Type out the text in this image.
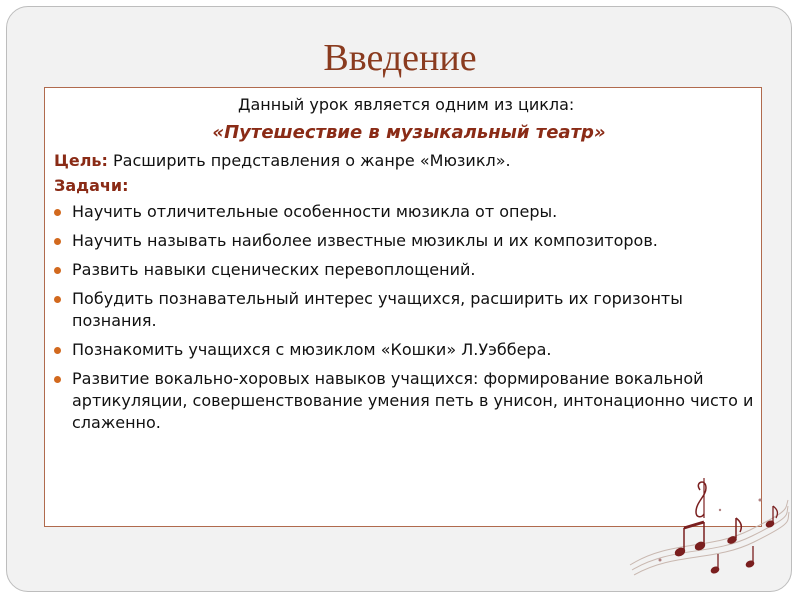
Введение
Данный урок является одним из цикла:
«Путешествие в музыкальный театр»
Цель: Расширить представления о жанре «Мюзикл».
Задачи:
Научить отличительные особенности мюзикла от оперы.
Научить называть наиболее известные мюзиклы и их композиторов.
Развить навыки сценических перевоплощений.
Побудить познавательный интерес учащихся, расширить их горизонты познания.
Познакомить учащихся с мюзиклом «Кошки» Л.Уэббера.
Развитие вокально-хоровых навыков учащихся: формирование вокальной артикуляции, совершенствование умения петь в унисон, интонационно чисто и слаженно.
